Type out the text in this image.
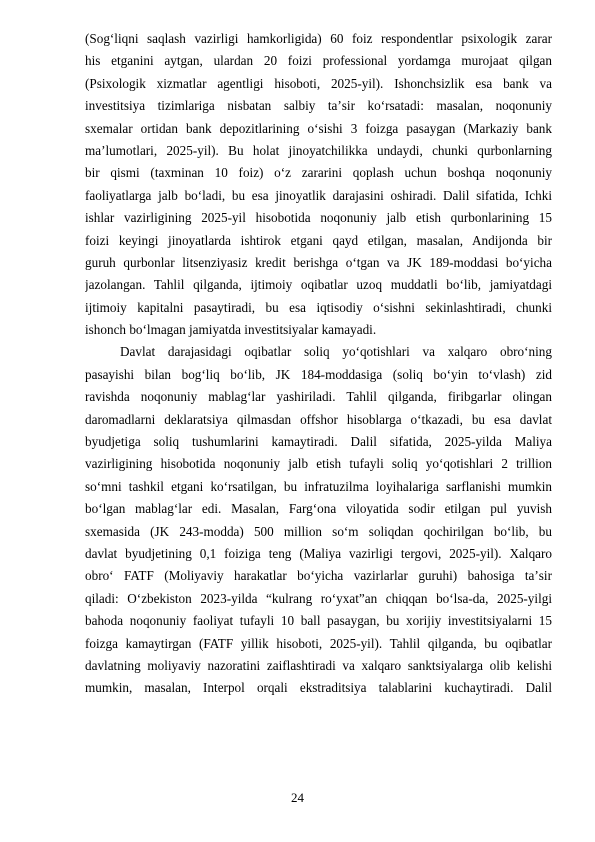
(Sogʻliqni saqlash vazirligi hamkorligida) 60 foiz respondentlar psixologik zarar
his etganini aytgan, ulardan 20 foizi professional yordamga murojaat qilgan
(Psixologik xizmatlar agentligi hisoboti, 2025-yil). Ishonchsizlik esa bank va
investitsiya tizimlariga nisbatan salbiy taʼsir koʻrsatadi: masalan, noqonuniy
sxemalar ortidan bank depozitlarining oʻsishi 3 foizga pasaygan (Markaziy bank
maʼlumotlari, 2025-yil). Bu holat jinoyatchilikka undaydi, chunki qurbonlarning
bir qismi (taxminan 10 foiz) oʻz zararini qoplash uchun boshqa noqonuniy
faoliyatlarga jalb boʻladi, bu esa jinoyatlik darajasini oshiradi. Dalil sifatida, Ichki
ishlar vazirligining 2025-yil hisobotida noqonuniy jalb etish qurbonlarining 15
foizi keyingi jinoyatlarda ishtirok etgani qayd etilgan, masalan, Andijonda bir
guruh qurbonlar litsenziyasiz kredit berishga oʻtgan va JK 189-moddasi boʻyicha
jazolangan. Tahlil qilganda, ijtimoiy oqibatlar uzoq muddatli boʻlib, jamiyatdagi
ijtimoiy kapitalni pasaytiradi, bu esa iqtisodiy oʻsishni sekinlashtiradi, chunki
ishonch boʻlmagan jamiyatda investitsiyalar kamayadi.
Davlat darajasidagi oqibatlar soliq yoʻqotishlari va xalqaro obroʻning
pasayishi bilan bogʻliq boʻlib, JK 184-moddasiga (soliq boʻyin toʻvlash) zid
ravishda noqonuniy mablagʻlar yashiriladi. Tahlil qilganda, firibgarlar olingan
daromadlarni deklaratsiya qilmasdan offshor hisoblarga oʻtkazadi, bu esa davlat
byudjetiga soliq tushumlarini kamaytiradi. Dalil sifatida, 2025-yilda Maliya
vazirligining hisobotida noqonuniy jalb etish tufayli soliq yoʻqotishlari 2 trillion
soʻmni tashkil etgani koʻrsatilgan, bu infratuzilma loyihalariga sarflanishi mumkin
boʻlgan mablagʻlar edi. Masalan, Fargʻona viloyatida sodir etilgan pul yuvish
sxemasida (JK 243-modda) 500 million soʻm soliqdan qochirilgan boʻlib, bu
davlat byudjetining 0,1 foiziga teng (Maliya vazirligi tergovi, 2025-yil). Xalqaro
obroʻ FATF (Moliyaviy harakatlar boʻyicha vazirlarlar guruhi) bahosiga taʼsir
qiladi: Oʻzbekiston 2023-yilda “kulrang roʻyxat”an chiqqan boʻlsa-da, 2025-yilgi
bahoda noqonuniy faoliyat tufayli 10 ball pasaygan, bu xorijiy investitsiyalarni 15
foizga kamaytirgan (FATF yillik hisoboti, 2025-yil). Tahlil qilganda, bu oqibatlar
davlatning moliyaviy nazoratini zaiflashtiradi va xalqaro sanktsiyalarga olib kelishi
mumkin, masalan, Interpol orqali ekstraditsiya talablarini kuchaytiradi. Dalil
24
